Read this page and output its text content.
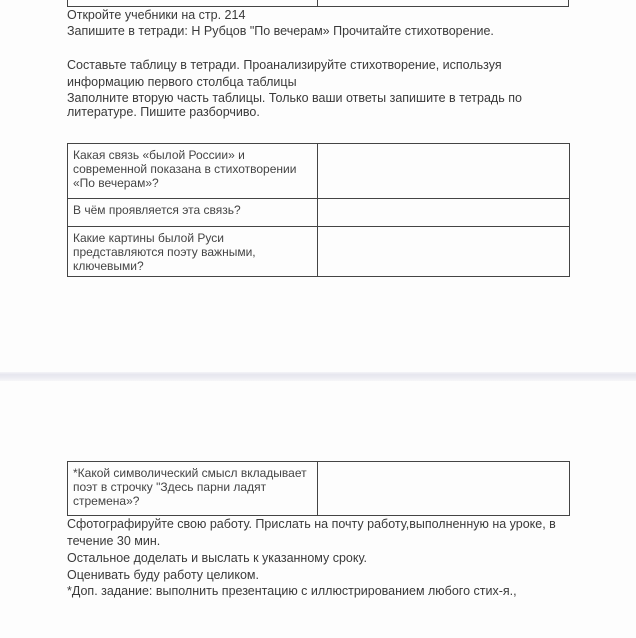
Откройте учебники на стр. 214
Запишите в тетради: Н Рубцов "По вечерам» Прочитайте стихотворение.
Составьте таблицу в тетради. Проанализируйте стихотворение, используя
информацию первого столбца таблицы
Заполните вторую часть таблицы. Только ваши ответы запишите в тетрадь по литературе. Пишите разборчиво.
Какая связь «былой России» и современной показана в стихотворении «По вечерам»?	
В чём проявляется эта связь?	
Какие картины былой Руси представляются поэту важными, ключевыми?	
*Какой символический смысл вкладывает поэт в строчку "Здесь парни ладят стремена»?	
Сфотографируйте свою работу. Прислать на почту работу,выполненную на уроке, в
течение 30 мин.
Остальное доделать и выслать к указанному сроку.
Оценивать буду работу целиком.
*Доп. задание: выполнить презентацию с иллюстрированием любого стих-я.,
